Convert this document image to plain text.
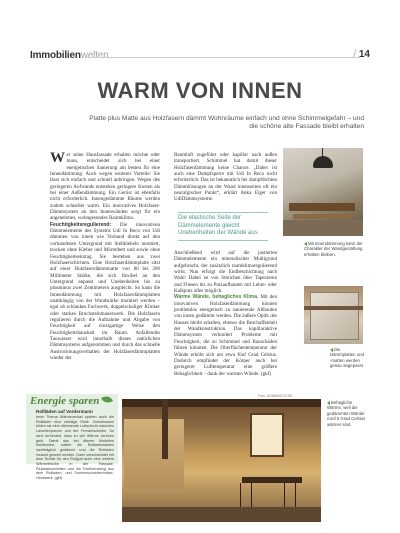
Immobilienwelten	/ 14
WARM VON INNEN
Platte plus Matte aus Holzfasern dämmt Wohnräume einfach und ohne Schimmelgefahr – und die schöne alte Fassade bleibt erhalten
Wer seine Hausfassade erhalten möchte oder muss, entscheidet sich bei einer energetischen Sanierung am besten für eine Innendämmung. Auch wegen weiterer Vorteile: Sie lässt sich einfach und schnell anbringen. Wegen des geringeren Aufwands entstehen geringere Kosten als bei einer Außendämmung. Ein Gerüst ist ebenfalls nicht erforderlich. Innengedämmte Räume werden zudem schneller warm. Ein innovatives Holzfaser-Dämmsystem an den Innenwänden sorgt für ein angenehmes, wohngesundes Raumklima.
Feuchtigkeitsregulierend: Die innovativen Dämmelemente des Systems Udi In Reco von Udi dämmen von innen wie Vorhand direkt auf den vorhandenen Untergrund mit Stellklebeln montiert, trocken ohne Kleber und Mörtelbett und sowie ohne Feuchtigkeitseintrag. Sie bestehen aus zwei Holzfaserschichten. Eine Holzfaserdämmplatte sitzt auf einer Holzfaserdämmmatte von 80 bis 200 Millimeter Stärke, die sich flexibel an den Untergrund anpasst und Unebenheiten bis zu plusminus zwei Zentimetern ausgleicht. So kann die Innendämmung mit Holzfaserdämmplatten unabhängig von der Wandstärke montiert werden – egal ob schlankes Fachwerk, doppelschaliger Klinker oder starkes Bruchsteinmauerwerk. Die Holzfasern regulieren durch die Aufnahme und Abgabe von Feuchtigkeit auf einzigartige Weise den Feuchtigkeitshaushalt im Raum. Anfallendes Tauwasser wird innerhalb dieses natürlichen Dämmsystems aufgenommen und durch das schnelle Austrocknungsverhalten der Holzfaserdämmplatten wieder der
Raumluft zugeführt oder kapillar nach außen transportiert. Schimmel hat damit dieser Holzfaserdämmung keine Chance. „Daher ist auch eine Dampfsperre mit Udi In Reco nicht erforderlich. Das ist bekanntlich bei dampfdichten Dämmlösungen an der Wand innenseiten oft ein neuralgischer Punkt“, erklärt Anka Eiger von UdiDämmsysteme.
Die elastische Seite der Dämmelemente gleicht Unebenheiten der Wände aus
Anschließend wird auf die justierten Dämmelemente ein mineralischer Multigrund aufgebracht, der zusätzlich raumklimaregulierend wirkt. Nun erfolgt die Endbeschichtung nach Wahl: Dabei ist von Streichen über Tapezieren und Fliesen bis zu Putzaufbauten mit Lehm- oder Kalkputz alles möglich.
Warme Wände, behagliches Klima. Mit den innovativen Holzfaserdämmung können problemlos energetisch zu sanierende Altbauten von innen gedämmt werden. Die äußere Optik des Hauses bleibt erhalten, ebenso die Beschaffenheit der Wandkonstruktion. Das kapillaraktive Dämmsystem verhindert Probleme mit Feuchtigkeit, die zu Schimmel und Bauschäden führen könnten. Die Oberflächentemperatur der Wände erhöht sich um etwa fünf Grad Celsius. Dadurch empfindet der Körper auch bei geringerer Lufttemperatur eine größere Behaglichkeit – dank der warmen Wände. (gkf)
Mit Innendämmung kann der Charakter der Wandgestaltung erhalten bleiben.
Die Dämmplatten und -matten werden genau angepasst
Foto: UDI/MANTOYDE
Behagliche Wärme, weil die gedämmten Wände rund 5 Grad Celsius wärmer sind.
Energie sparen
Rollläden auf Vordermann
beim Thema Wärmeverlust spielen auch die Rollläden eine wichtige Rolle. Geschlossen bilden sie eine dämmende Luftschicht zwischen Lamellenpanzer und der Fensterscheibe. So wird verhindert, dass zu viel Wärme verloren geht. Damit das bei älteren Modellen funktioniert, sollten die Rollladenkästen nachträglich gedämmt und die Rollladen instand gesetzt werden. Dann verschwindet mit dem Schlitz für den Rollgurt auch eine weitere Wärmebrücke in der Fassade. Reparaturarbeiten und die Fachberatung aus dem Rollladen- und Sonnenschutztechniker-Handwerk. (gkf)
